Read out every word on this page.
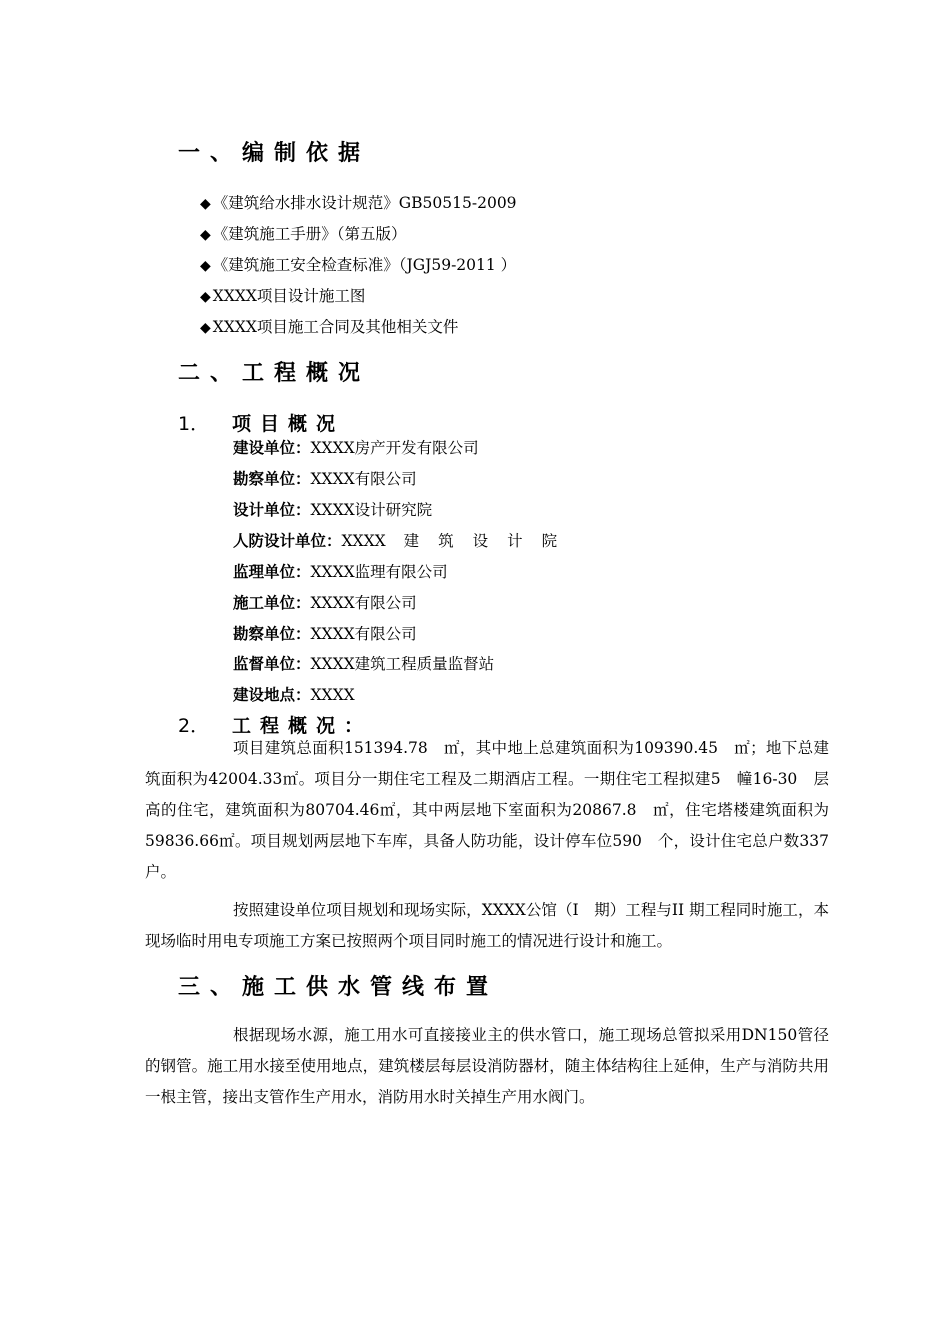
一、编制依据
◆ 《建筑给水排水设计规范》GB50515-2009
◆ 《建筑施工手册》（第五版）
◆ 《建筑施工安全检查标准》（JGJ59-2011 ）
◆ XXXX项目设计施工图
◆ XXXX项目施工合同及其他相关文件
二、工程概况
1． 项目概况
建设单位：XXXX房产开发有限公司
勘察单位：XXXX有限公司
设计单位：XXXX设计研究院
人防设计单位：XXXX 建筑设计院
监理单位：XXXX监理有限公司
施工单位：XXXX有限公司
勘察单位：XXXX有限公司
监督单位：XXXX建筑工程质量监督站
建设地点：XXXX
2． 工程概况：
项目建筑总面积151394.78　㎡，其中地上总建筑面积为109390.45　㎡；地下总建筑面积为42004.33㎡。项目分一期住宅工程及二期酒店工程。一期住宅工程拟建5　幢16-30　层高的住宅，建筑面积为80704.46㎡，其中两层地下室面积为20867.8　㎡，住宅塔楼建筑面积为59836.66㎡。项目规划两层地下车库，具备人防功能，设计停车位590　个，设计住宅总户数337　户。
按照建设单位项目规划和现场实际，XXXX公馆（I　期）工程与II 期工程同时施工，本现场临时用电专项施工方案已按照两个项目同时施工的情况进行设计和施工。
三、施工供水管线布置
根据现场水源，施工用水可直接接业主的供水管口，施工现场总管拟采用DN150管径的钢管。施工用水接至使用地点，建筑楼层每层设消防器材，随主体结构往上延伸，生产与消防共用一根主管，接出支管作生产用水，消防用水时关掉生产用水阀门。
